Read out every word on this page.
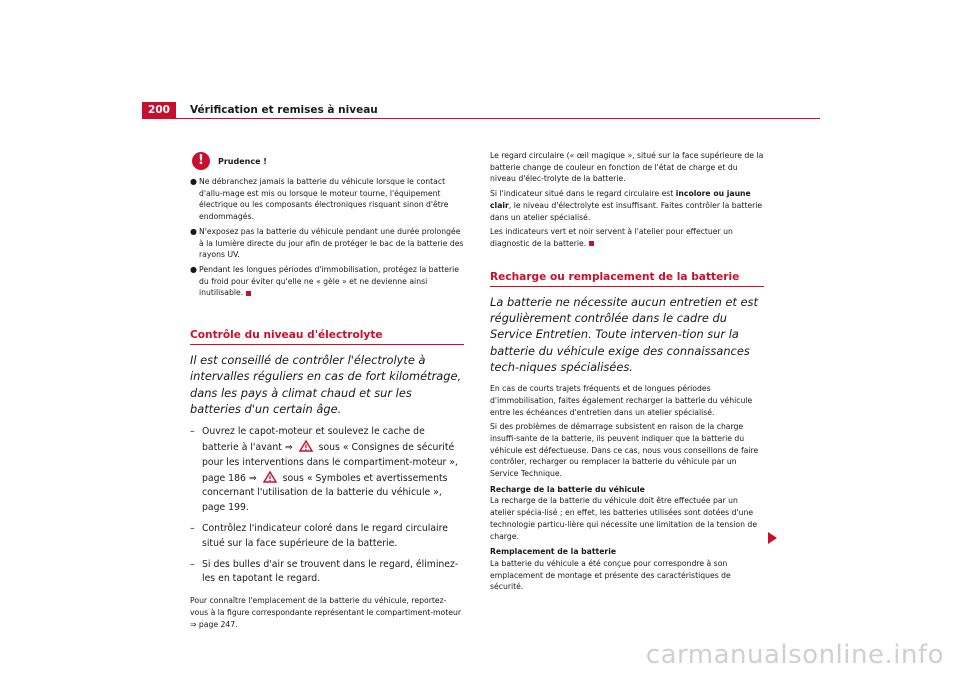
200	Vérification et remises à niveau
!	Prudence !
● Ne débranchez jamais la batterie du véhicule lorsque le contact d'allu-mage est mis ou lorsque le moteur tourne, l'équipement électrique ou les composants électroniques risquant sinon d'être endommagés.
● N'exposez pas la batterie du véhicule pendant une durée prolongée à la lumière directe du jour afin de protéger le bac de la batterie des rayons UV.
● Pendant les longues périodes d'immobilisation, protégez la batterie du froid pour éviter qu'elle ne « gèle » et ne devienne ainsi inutilisable.
Contrôle du niveau d'électrolyte

Il est conseillé de contrôler l'électrolyte à intervalles réguliers en cas de fort kilométrage, dans les pays à climat chaud et sur les batteries d'un certain âge.

– Ouvrez le capot-moteur et soulevez le cache de batterie à l'avant ⇒	sous « Consignes de sécurité pour les interventions dans le compartiment-moteur », page 186 ⇒	sous « Symboles et avertissements concernant l'utilisation de la batterie du véhicule », page 199.
– Contrôlez l'indicateur coloré dans le regard circulaire situé sur la face supérieure de la batterie.
– Si des bulles d'air se trouvent dans le regard, éliminez-les en tapotant le regard.

Pour connaître l'emplacement de la batterie du véhicule, reportez-vous à la figure correspondante représentant le compartiment-moteur ⇒ page 247.

Le regard circulaire (« œil magique », situé sur la face supérieure de la batterie change de couleur en fonction de l'état de charge et du niveau d'élec-trolyte de la batterie.

Si l'indicateur situé dans le regard circulaire est incolore ou jaune clair, le niveau d'électrolyte est insuffisant. Faites contrôler la batterie dans un atelier spécialisé.

Les indicateurs vert et noir servent à l'atelier pour effectuer un diagnostic de la batterie.

Recharge ou remplacement de la batterie

La batterie ne nécessite aucun entretien et est régulièrement contrôlée dans le cadre du Service Entretien. Toute interven-tion sur la batterie du véhicule exige des connaissances tech-niques spécialisées.

En cas de courts trajets fréquents et de longues périodes d'immobilisation, faites également recharger la batterie du véhicule entre les échéances d'entretien dans un atelier spécialisé.

Si des problèmes de démarrage subsistent en raison de la charge insuffi-sante de la batterie, ils peuvent indiquer que la batterie du véhicule est défectueuse. Dans ce cas, nous vous conseillons de faire contrôler, recharger ou remplacer la batterie du véhicule par un Service Technique.

Recharge de la batterie du véhicule

La recharge de la batterie du véhicule doit être effectuée par un atelier spécia-lisé ; en effet, les batteries utilisées sont dotées d'une technologie particu-lière qui nécessite une limitation de la tension de charge.

Remplacement de la batterie

La batterie du véhicule a été conçue pour correspondre à son emplacement de montage et présente des caractéristiques de sécurité.

carmanualsonline.info
